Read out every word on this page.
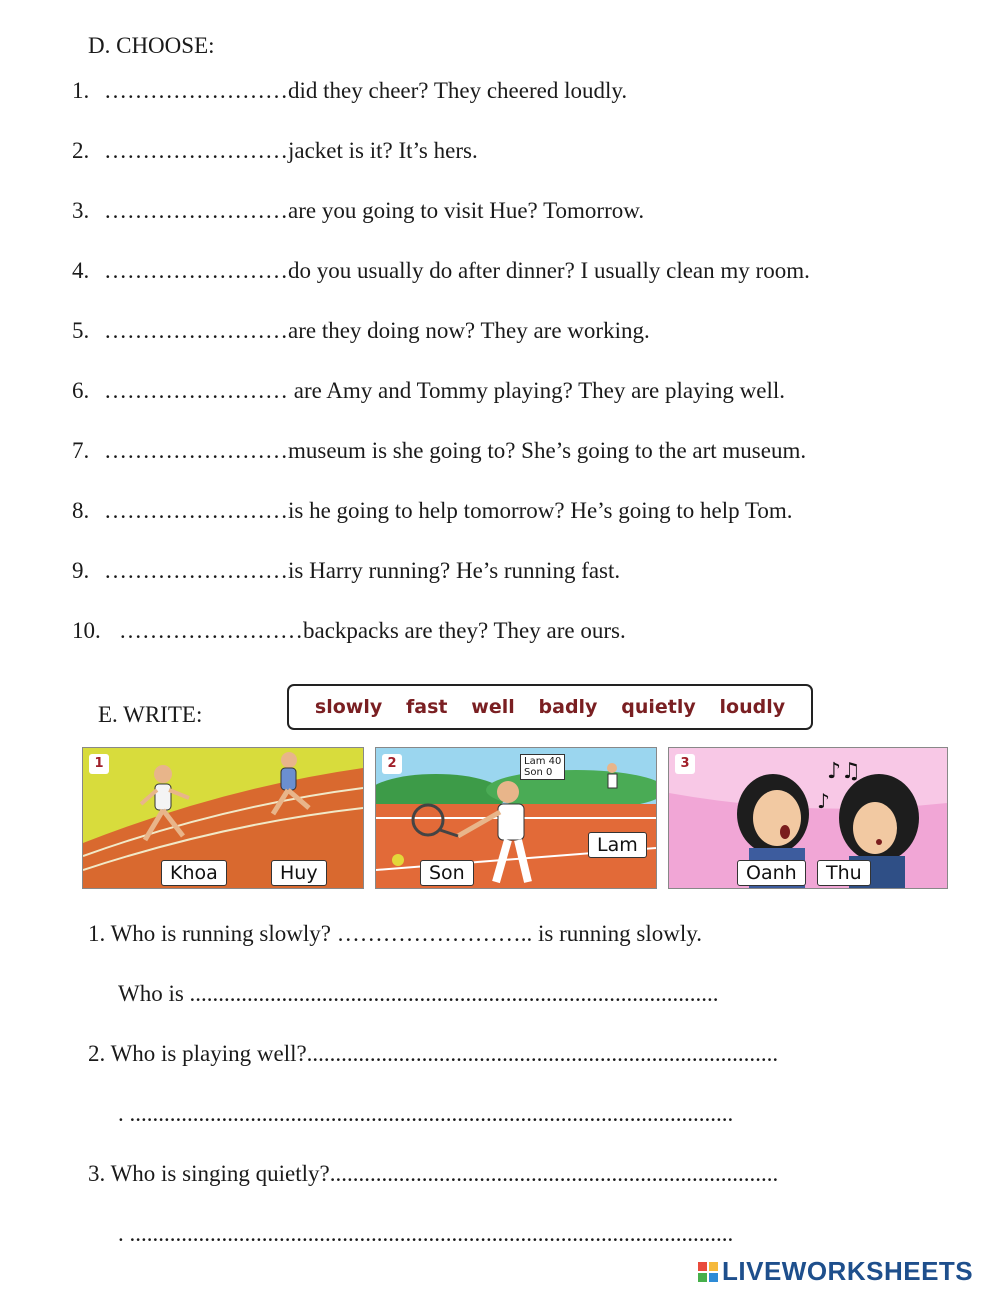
D. CHOOSE:
1. ……………………did they cheer? They cheered loudly.
2. ……………………jacket is it? It’s hers.
3. ……………………are you going to visit Hue? Tomorrow.
4. ……………………do you usually do after dinner? I usually clean my room.
5. ……………………are they doing now? They are working.
6. …………………… are Amy and Tommy playing? They are playing well.
7. ……………………museum is she going to? She’s going to the art museum.
8. ……………………is he going to help tomorrow? He’s going to help Tom.
9. ……………………is Harry running? He’s running fast.
10. ……………………backpacks are they? They are ours.
E. WRITE:	slowly fast well badly quietly loudly
1
Khoa	Huy
2	Lam 40
Son 0
Son
Lam
♪♫
♪
3
Oanh	Thu
1. Who is running slowly? …………………….. is running slowly.
Who is ............................................................................................
2. Who is playing well?..................................................................................
. .........................................................................................................
3. Who is singing quietly?..............................................................................
. .........................................................................................................
LIVEWORKSHEETS
